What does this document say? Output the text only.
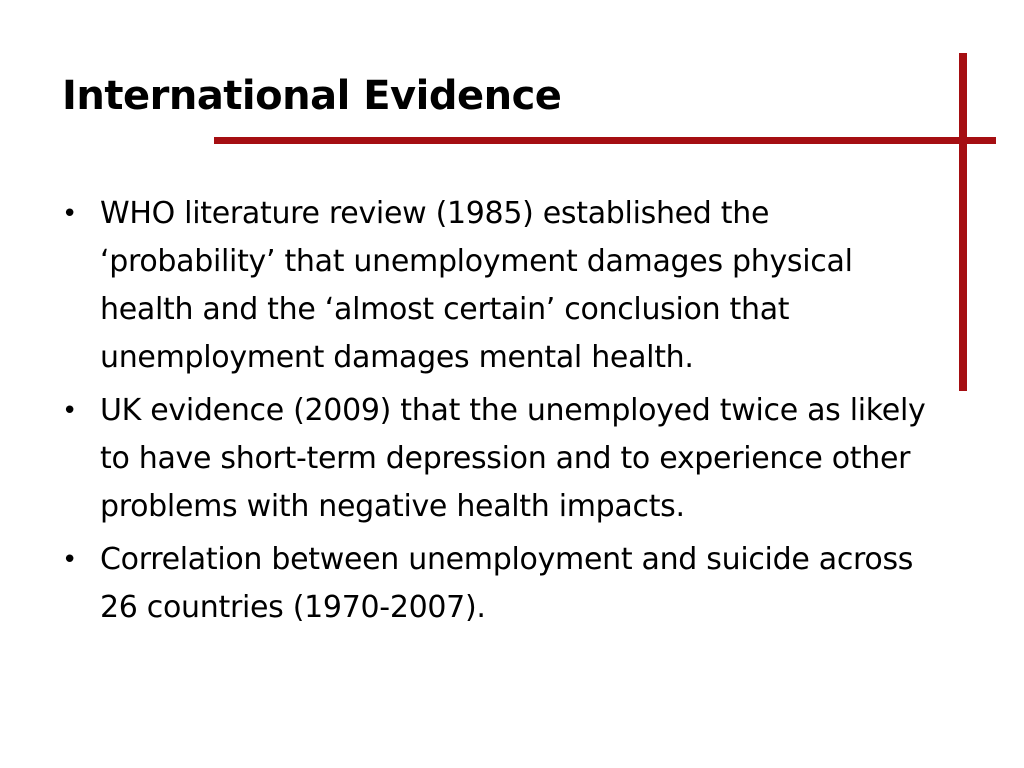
International Evidence
• WHO literature review (1985) established the ‘probability’ that unemployment damages physical health and the ‘almost certain’ conclusion that unemployment damages mental health.
• UK evidence (2009) that the unemployed twice as likely to have short-term depression and to experience other problems with negative health impacts.
• Correlation between unemployment and suicide across 26 countries (1970-2007).
